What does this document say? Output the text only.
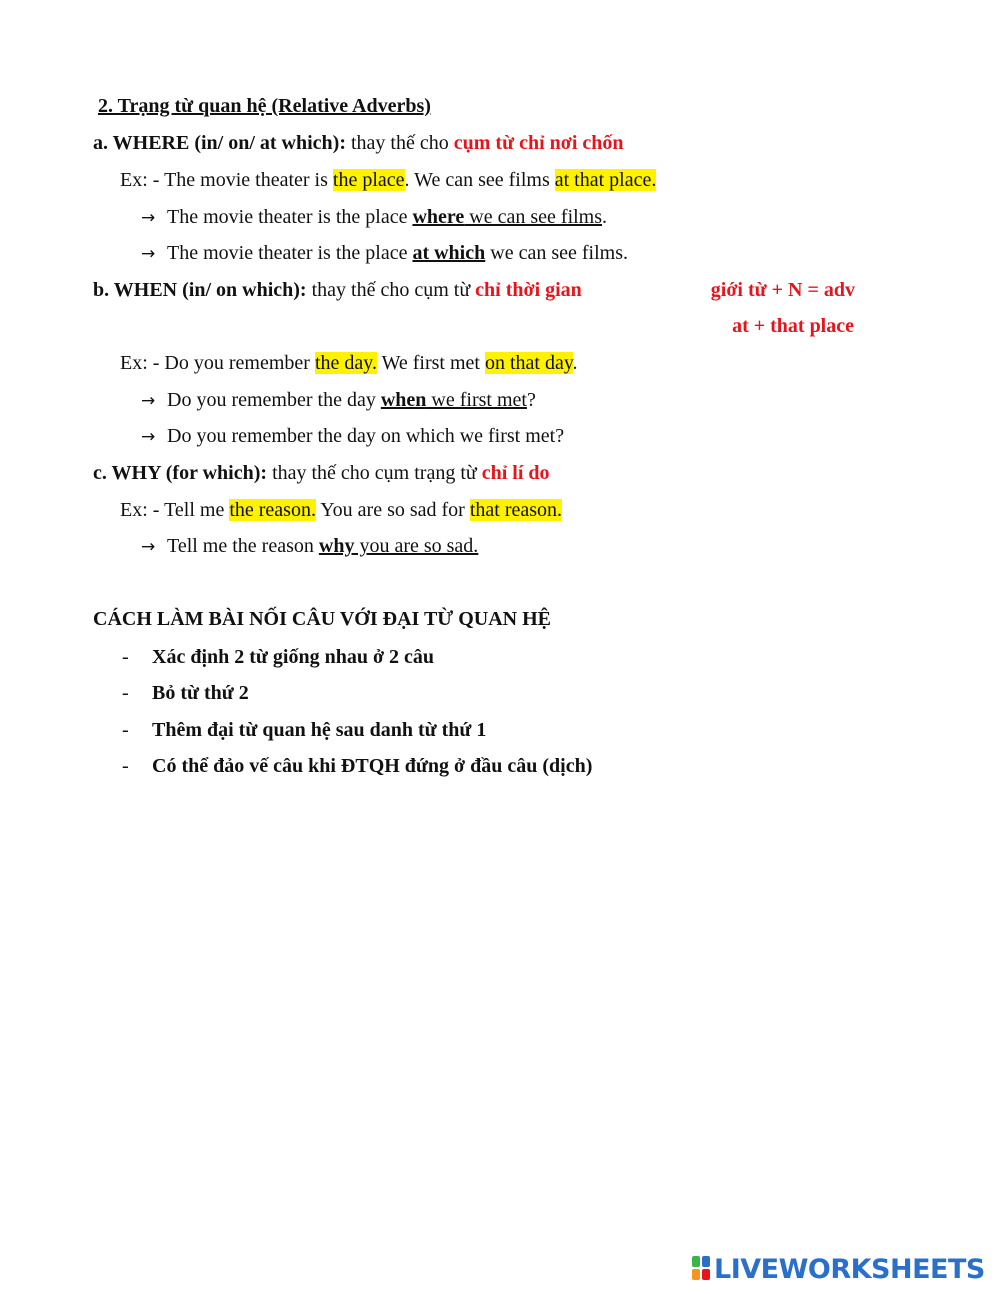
2. Trạng từ quan hệ (Relative Adverbs)
a. WHERE (in/ on/ at which): thay thế cho cụm từ chỉ nơi chốn
Ex: - The movie theater is the place. We can see films at that place.
→ The movie theater is the place where we can see films.
→ The movie theater is the place at which we can see films.
b. WHEN (in/ on which): thay thế cho cụm từ chỉ thời gian	giới từ + N = adv
at + that place
Ex: - Do you remember the day. We first met on that day.
→ Do you remember the day when we first met?
→ Do you remember the day on which we first met?
c. WHY (for which): thay thế cho cụm trạng từ chỉ lí do
Ex: - Tell me the reason. You are so sad for that reason.
→ Tell me the reason why you are so sad.
CÁCH LÀM BÀI NỐI CÂU VỚI ĐẠI TỪ QUAN HỆ
- Xác định 2 từ giống nhau ở 2 câu
- Bỏ từ thứ 2
- Thêm đại từ quan hệ sau danh từ thứ 1
- Có thể đảo vế câu khi ĐTQH đứng ở đầu câu (dịch)
LIVEWORKSHEETS
